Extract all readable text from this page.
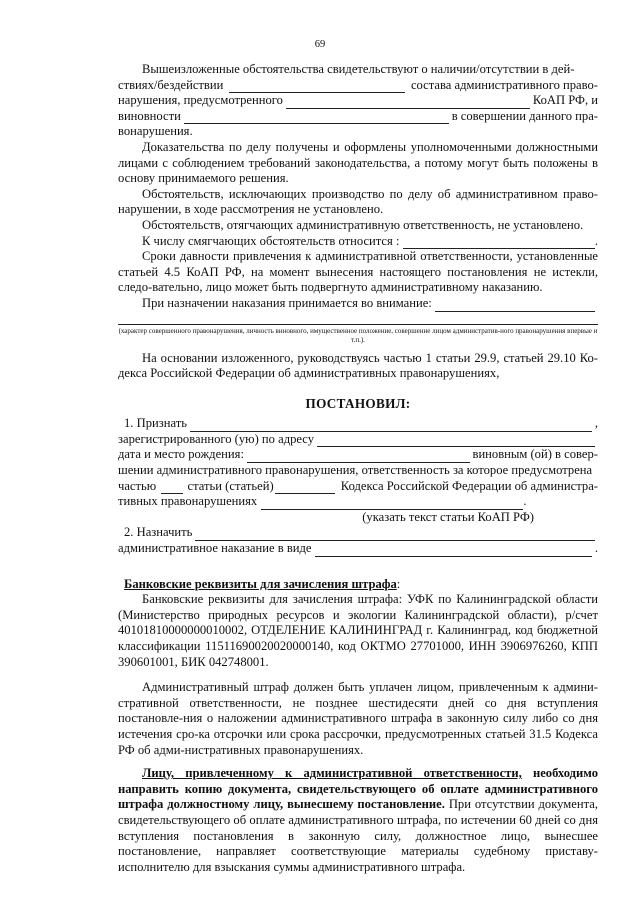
69

Вышеизложенные обстоятельства свидетельствуют о наличии/отсутствии в дей-

ствиях/бездействии	состава административного право-
нарушения, предусмотренного	КоАП РФ, и
виновности	в совершении данного пра-

вонарушения.

Доказательства по делу получены и оформлены уполномоченными должностными лицами с соблюдением требований законодательства, а потому могут быть положены в основу принимаемого решения.

Обстоятельств, исключающих производство по делу об административном право-нарушении, в ходе рассмотрения не установлено.

Обстоятельств, отягчающих административную ответственность, не установлено.

К числу смягчающих обстоятельств относится :	.

Сроки давности привлечения к административной ответственности, установленные статьей 4.5 КоАП РФ, на момент вынесения настоящего постановления не истекли, следо-вательно, лицо может быть подвергнуто административному наказанию.

При назначении наказания принимается во внимание:
(характер совершенного правонарушения, личность виновного, имущественное положение, совершение лицом административ-ного правонарушения впервые и т.п.).

На основании изложенного, руководствуясь частью 1 статьи 29.9, статьей 29.10 Ко-декса Российской Федерации об административных правонарушениях,

ПОСТАНОВИЛ:
1. Признать	,
зарегистрированного (ую) по адресу
дата и место рождения:	виновным (ой) в совер-

шении административного правонарушения, ответственность за которое предусмотрена

частью статьи (статьей)	Кодекса Российской Федерации об администра-
тивных правонарушениях	.
(указать текст статьи КоАП РФ)
2. Назначить
административное наказание в виде	.

Банковские реквизиты для зачисления штрафа:

Банковские реквизиты для зачисления штрафа: УФК по Калининградской области (Министерство природных ресурсов и экологии Калининградской области), р/счет 40101810000000010002, ОТДЕЛЕНИЕ КАЛИНИНГРАД г. Калининград, код бюджетной классификации 11511690020020000140, код ОКТМО 27701000, ИНН 3906976260, КПП 390601001, БИК 042748001.

Административный штраф должен быть уплачен лицом, привлеченным к админи-стративной ответственности, не позднее шестидесяти дней со дня вступления постановле-ния о наложении административного штрафа в законную силу либо со дня истечения сро-ка отсрочки или срока рассрочки, предусмотренных статьей 31.5 Кодекса РФ об адми-нистративных правонарушениях.

Лицу, привлеченному к административной ответственности, необходимо направить копию документа, свидетельствующего об оплате административного штрафа должностному лицу, вынесшему постановление. При отсутствии документа, свидетельствующего об оплате административного штрафа, по истечении 60 дней со дня вступления постановления в законную силу, должностное лицо, вынесшее постановление, направляет соответствующие материалы судебному приставу-исполнителю для взыскания суммы административного штрафа.
